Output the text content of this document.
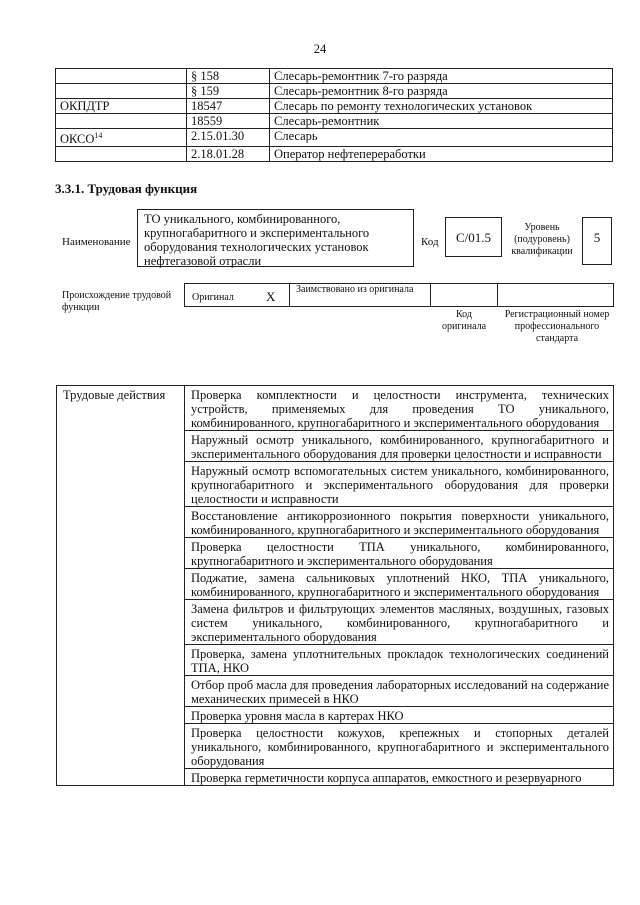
24
	§ 158	Слесарь-ремонтник 7-го разряда
	§ 159	Слесарь-ремонтник 8-го разряда
ОКПДТР	18547	Слесарь по ремонту технологических установок
	18559	Слесарь-ремонтник
ОКСО$^{14}$	2.15.01.30	Слесарь
	2.18.01.28	Оператор нефтепереработки
3.3.1. Трудовая функция
Наименование
ТО уникального, комбинированного, крупногабаритного и экспериментального оборудования технологических установок нефтегазовой отрасли
Код	С/01.5
Уровень (подуровень) квалификации
5
Происхождение трудовой функции
Оригинал Х Заимствовано из оригинала
Код оригинала
Регистрационный номер профессионального стандарта
Трудовые действия	Проверка комплектности и целостности инструмента, технических устройств, применяемых для проведения ТО уникального, комбинированного, крупногабаритного и экспериментального оборудования
Наружный осмотр уникального, комбинированного, крупногабаритного и экспериментального оборудования для проверки целостности и исправности
Наружный осмотр вспомогательных систем уникального, комбинированного, крупногабаритного и экспериментального оборудования для проверки целостности и исправности
Восстановление антикоррозионного покрытия поверхности уникального, комбинированного, крупногабаритного и экспериментального оборудования
Проверка целостности ТПА уникального, комбинированного, крупногабаритного и экспериментального оборудования
Поджатие, замена сальниковых уплотнений НКО, ТПА уникального, комбинированного, крупногабаритного и экспериментального оборудования
Замена фильтров и фильтрующих элементов масляных, воздушных, газовых систем уникального, комбинированного, крупногабаритного и экспериментального оборудования
Проверка, замена уплотнительных прокладок технологических соединений ТПА, НКО
Отбор проб масла для проведения лабораторных исследований на содержание механических примесей в НКО
Проверка уровня масла в картерах НКО
Проверка целостности кожухов, крепежных и стопорных деталей уникального, комбинированного, крупногабаритного и экспериментального оборудования
Проверка герметичности корпуса аппаратов, емкостного и резервуарного
